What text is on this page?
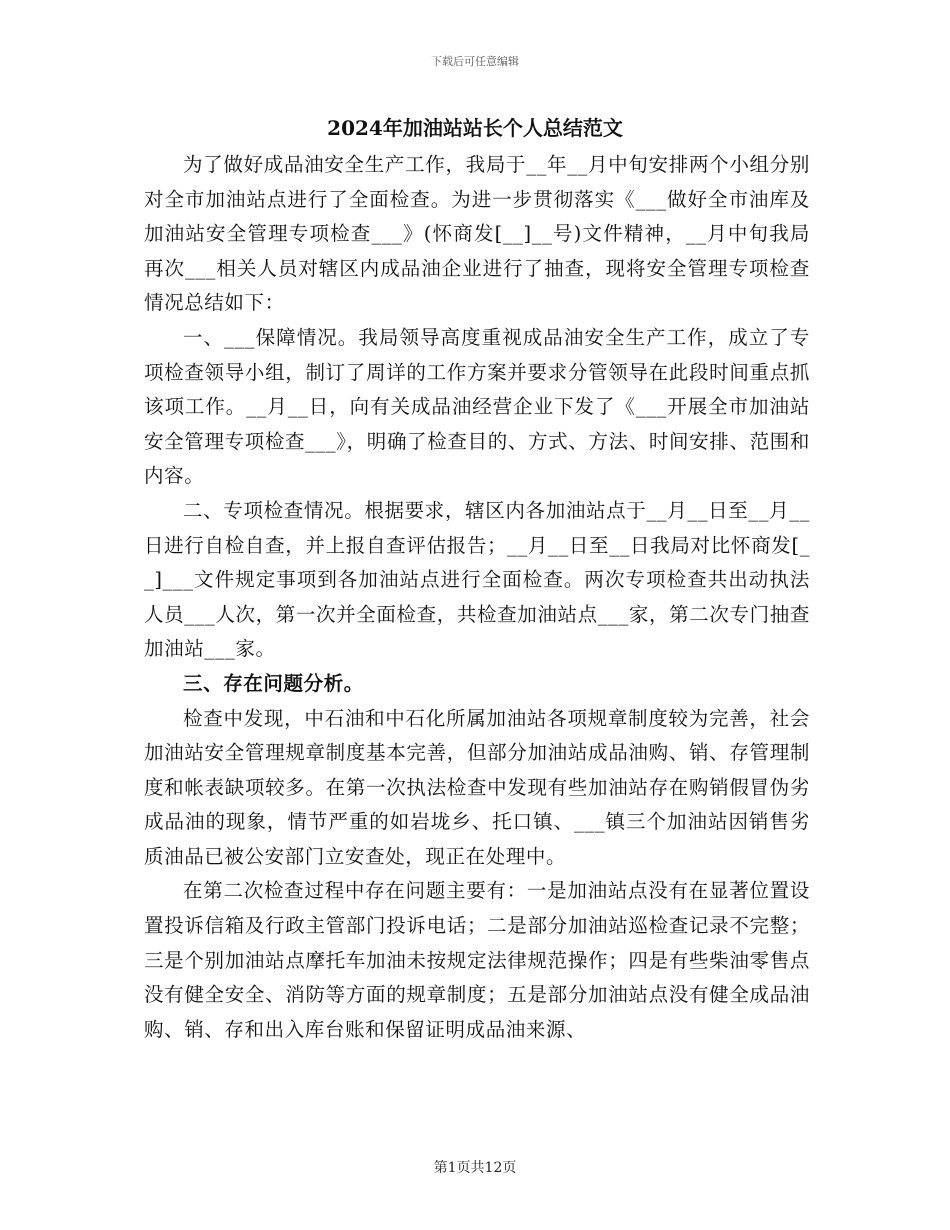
下载后可任意编辑
2024年加油站站长个人总结范文

为了做好成品油安全生产工作，我局于__年__月中旬安排两个小组分别对全市加油站点进行了全面检查。为进一步贯彻落实《___做好全市油库及加油站安全管理专项检查___》(怀商发[__]__号)文件精神，__月中旬我局再次___相关人员对辖区内成品油企业进行了抽查，现将安全管理专项检查情况总结如下：

一、___保障情况。我局领导高度重视成品油安全生产工作，成立了专项检查领导小组，制订了周详的工作方案并要求分管领导在此段时间重点抓该项工作。__月__日，向有关成品油经营企业下发了《___开展全市加油站安全管理专项检查___》，明确了检查目的、方式、方法、时间安排、范围和内容。

二、专项检查情况。根据要求，辖区内各加油站点于__月__日至__月__日进行自检自查，并上报自查评估报告；__月__日至__日我局对比怀商发[__]___文件规定事项到各加油站点进行全面检查。两次专项检查共出动执法人员___人次，第一次并全面检查，共检查加油站点___家，第二次专门抽查加油站___家。

三、存在问题分析。

检查中发现，中石油和中石化所属加油站各项规章制度较为完善，社会加油站安全管理规章制度基本完善，但部分加油站成品油购、销、存管理制度和帐表缺项较多。在第一次执法检查中发现有些加油站存在购销假冒伪劣成品油的现象，情节严重的如岩垅乡、托口镇、___镇三个加油站因销售劣质油品已被公安部门立安查处，现正在处理中。

在第二次检查过程中存在问题主要有：一是加油站点没有在显著位置设置投诉信箱及行政主管部门投诉电话；二是部分加油站巡检查记录不完整；三是个别加油站点摩托车加油未按规定法律规范操作；四是有些柴油零售点没有健全安全、消防等方面的规章制度；五是部分加油站点没有健全成品油购、销、存和出入库台账和保留证明成品油来源、

第1页共12页
